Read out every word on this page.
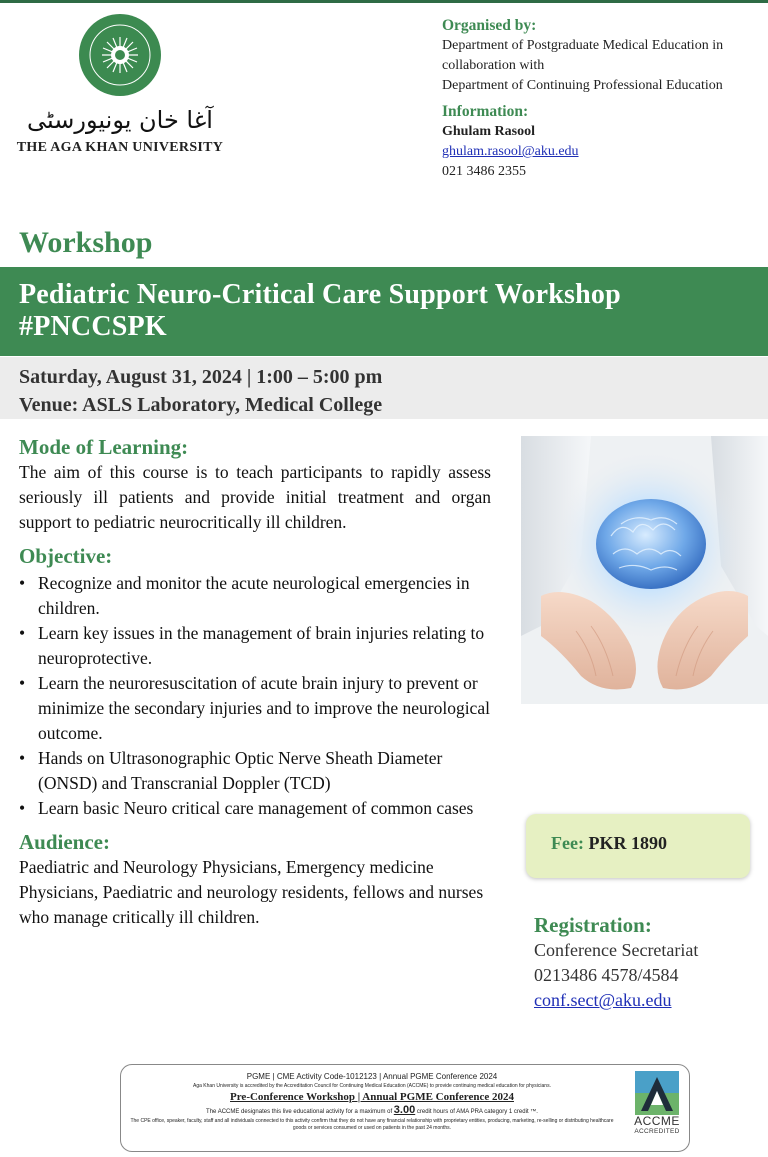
آغا خان یونیورسٹی
THE AGA KHAN UNIVERSITY
Organised by:
Department of Postgraduate Medical Education in
collaboration with
Department of Continuing Professional Education
Information:
Ghulam Rasool
ghulam.rasool@aku.edu
021 3486 2355
Workshop
Pediatric Neuro-Critical Care Support Workshop
#PNCCSPK
Saturday, August 31, 2024 | 1:00 – 5:00 pm
Venue: ASLS Laboratory, Medical College
Mode of Learning:
The aim of this course is to teach participants to rapidly assess seriously ill patients and provide initial treatment and organ support to pediatric neurocritically ill children.
Objective:
• Recognize and monitor the acute neurological emergencies in children.
• Learn key issues in the management of brain injuries relating to neuroprotective.
• Learn the neuroresuscitation of acute brain injury to prevent or minimize the secondary injuries and to improve the neurological outcome.
• Hands on Ultrasonographic Optic Nerve Sheath Diameter (ONSD) and Transcranial Doppler (TCD)
• Learn basic Neuro critical care management of common cases
Audience:
Paediatric and Neurology Physicians, Emergency medicine Physicians, Paediatric and neurology residents, fellows and nurses who manage critically ill children.
Fee: PKR 1890
Registration:
Conference Secretariat
0213486 4578/4584
conf.sect@aku.edu
PGME | CME Activity Code-1012123 | Annual PGME Conference 2024
Aga Khan University is accredited by the Accreditation Council for Continuing Medical Education (ACCME) to provide continuing medical education for physicians.
Pre-Conference Workshop | Annual PGME Conference 2024
The ACCME designates this live educational activity for a maximum of 3.00 credit hours of AMA PRA category 1 credit ™.
The CPE office, speaker, faculty, staff and all individuals connected to this activity confirm that they do not have any financial relationship with proprietary entities, producing, marketing, re-selling or distributing healthcare goods or services consumed or used on patients in the past 24 months.	ACCME
ACCREDITED
